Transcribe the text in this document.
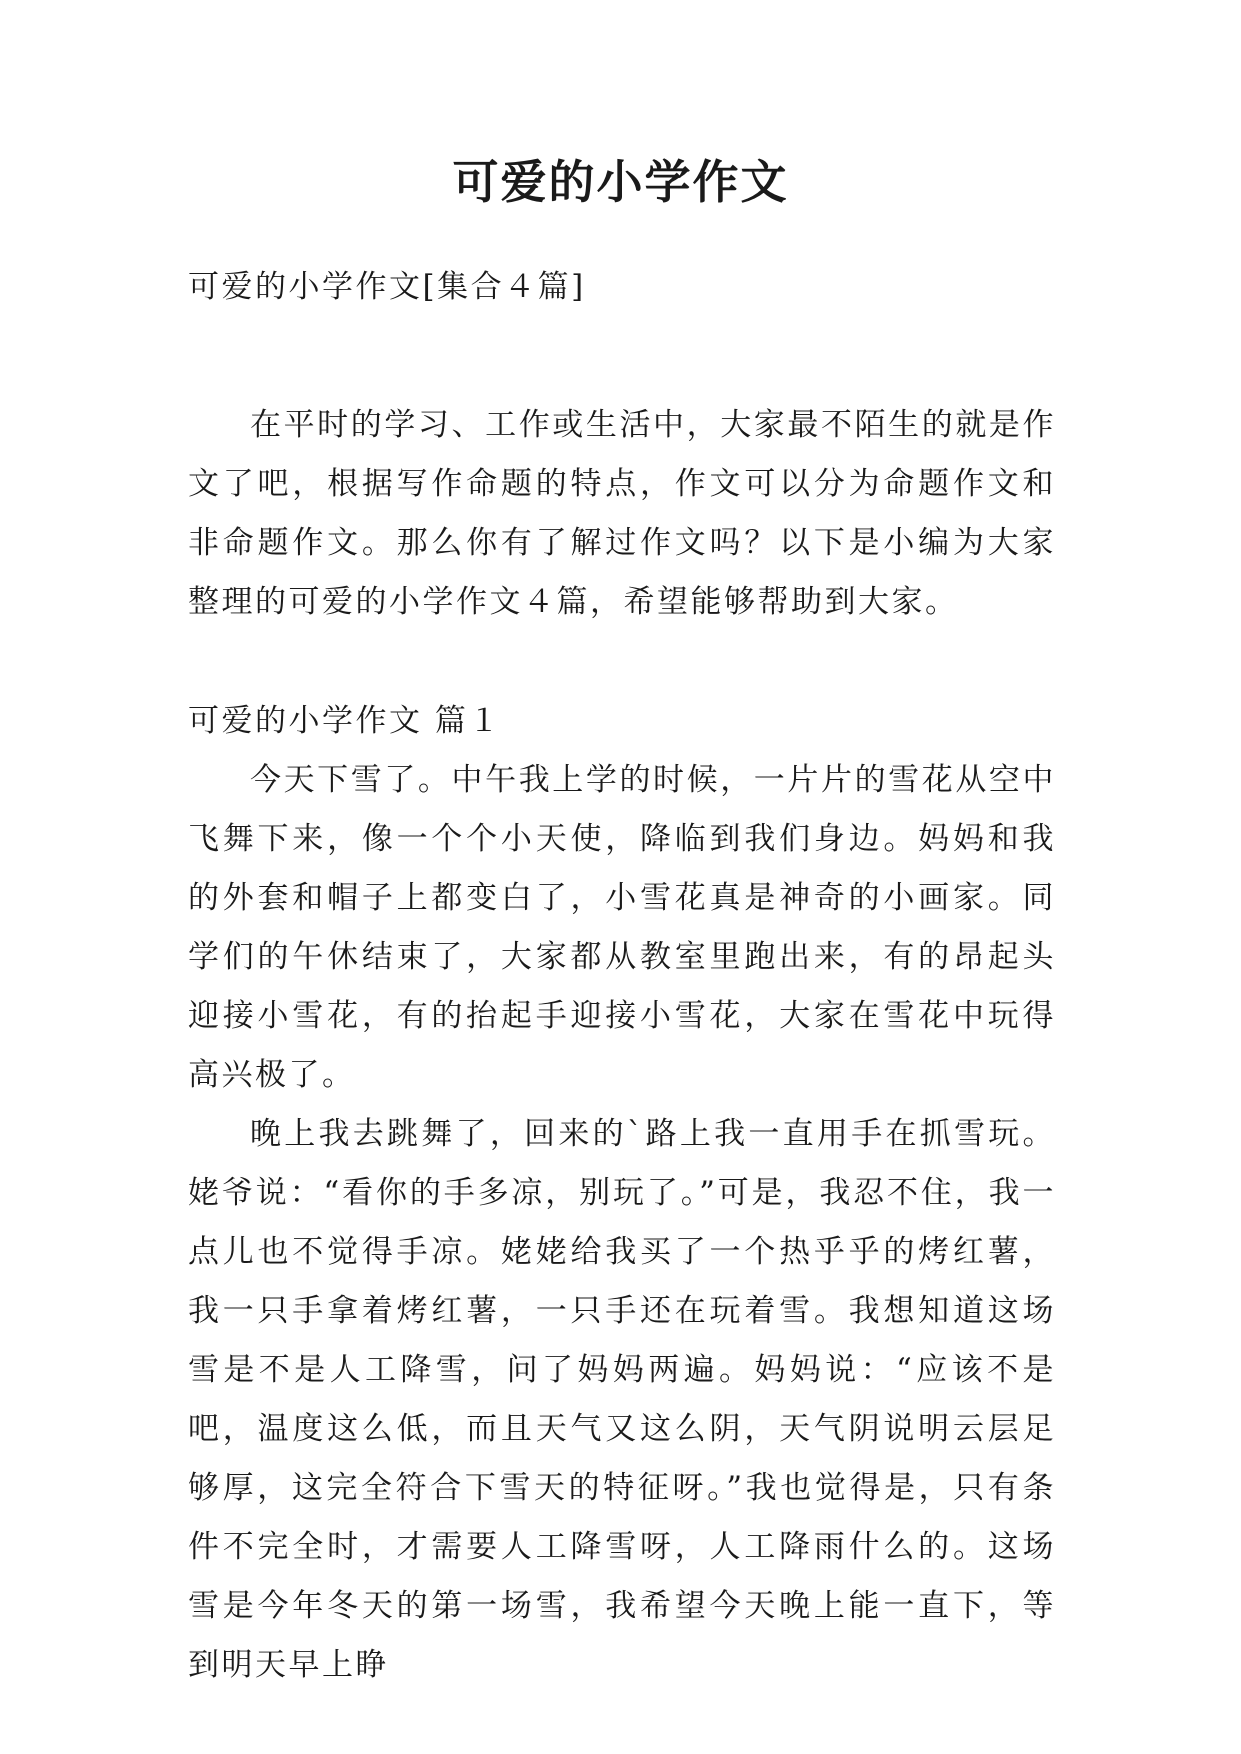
可爱的小学作文

可爱的小学作文[集合４篇]

在平时的学习、工作或生活中，大家最不陌生的就是作文了吧，根据写作命题的特点，作文可以分为命题作文和非命题作文。那么你有了解过作文吗？以下是小编为大家整理的可爱的小学作文４篇，希望能够帮助到大家。

可爱的小学作文 篇１

今天下雪了。中午我上学的时候，一片片的雪花从空中飞舞下来，像一个个小天使，降临到我们身边。妈妈和我的外套和帽子上都变白了，小雪花真是神奇的小画家。同学们的午休结束了，大家都从教室里跑出来，有的昂起头迎接小雪花，有的抬起手迎接小雪花，大家在雪花中玩得高兴极了。

晚上我去跳舞了，回来的`路上我一直用手在抓雪玩。姥爷说：“看你的手多凉，别玩了。”可是，我忍不住，我一点儿也不觉得手凉。姥姥给我买了一个热乎乎的烤红薯，我一只手拿着烤红薯，一只手还在玩着雪。我想知道这场雪是不是人工降雪，问了妈妈两遍。妈妈说：“应该不是吧，温度这么低，而且天气又这么阴，天气阴说明云层足够厚，这完全符合下雪天的特征呀。”我也觉得是，只有条件不完全时，才需要人工降雪呀，人工降雨什么的。这场雪是今年冬天的第一场雪，我希望今天晚上能一直下，等到明天早上睁
